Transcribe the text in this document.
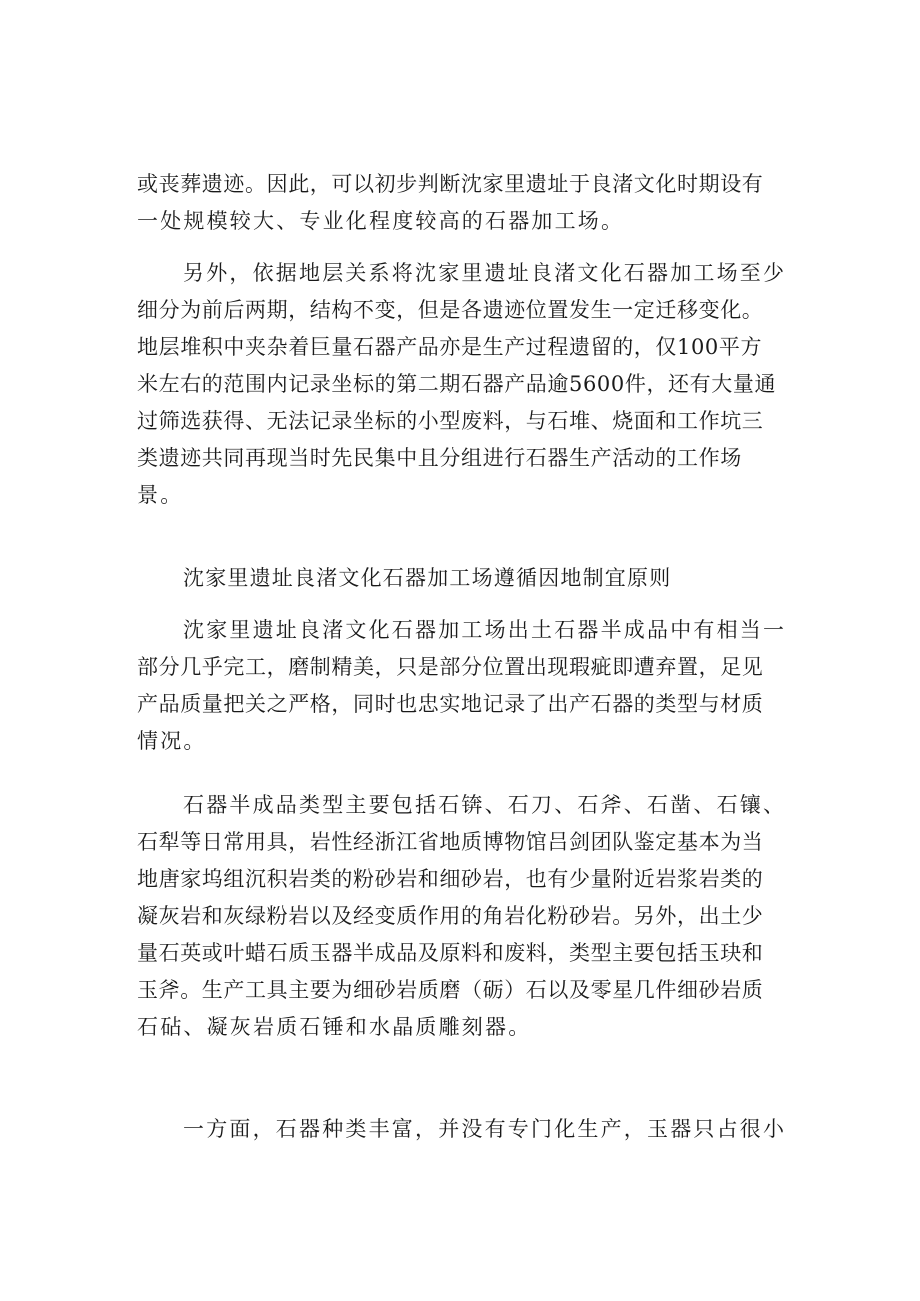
或丧葬遗迹。因此，可以初步判断沈家里遗址于良渚文化时期设有
一处规模较大、专业化程度较高的石器加工场。
另外，依据地层关系将沈家里遗址良渚文化石器加工场至少
细分为前后两期，结构不变，但是各遗迹位置发生一定迁移变化。
地层堆积中夹杂着巨量石器产品亦是生产过程遗留的，仅100平方
米左右的范围内记录坐标的第二期石器产品逾5600件，还有大量通
过筛选获得、无法记录坐标的小型废料，与石堆、烧面和工作坑三
类遗迹共同再现当时先民集中且分组进行石器生产活动的工作场
景。
沈家里遗址良渚文化石器加工场遵循因地制宜原则
沈家里遗址良渚文化石器加工场出土石器半成品中有相当一
部分几乎完工，磨制精美，只是部分位置出现瑕疵即遭弃置，足见
产品质量把关之严格，同时也忠实地记录了出产石器的类型与材质
情况。
石器半成品类型主要包括石锛、石刀、石斧、石凿、石镶、
石犁等日常用具，岩性经浙江省地质博物馆吕剑团队鉴定基本为当
地唐家坞组沉积岩类的粉砂岩和细砂岩，也有少量附近岩浆岩类的
凝灰岩和灰绿粉岩以及经变质作用的角岩化粉砂岩。另外，出土少
量石英或叶蜡石质玉器半成品及原料和废料，类型主要包括玉玦和
玉斧。生产工具主要为细砂岩质磨（砺）石以及零星几件细砂岩质
石砧、凝灰岩质石锤和水晶质雕刻器。
一方面，石器种类丰富，并没有专门化生产，玉器只占很小
